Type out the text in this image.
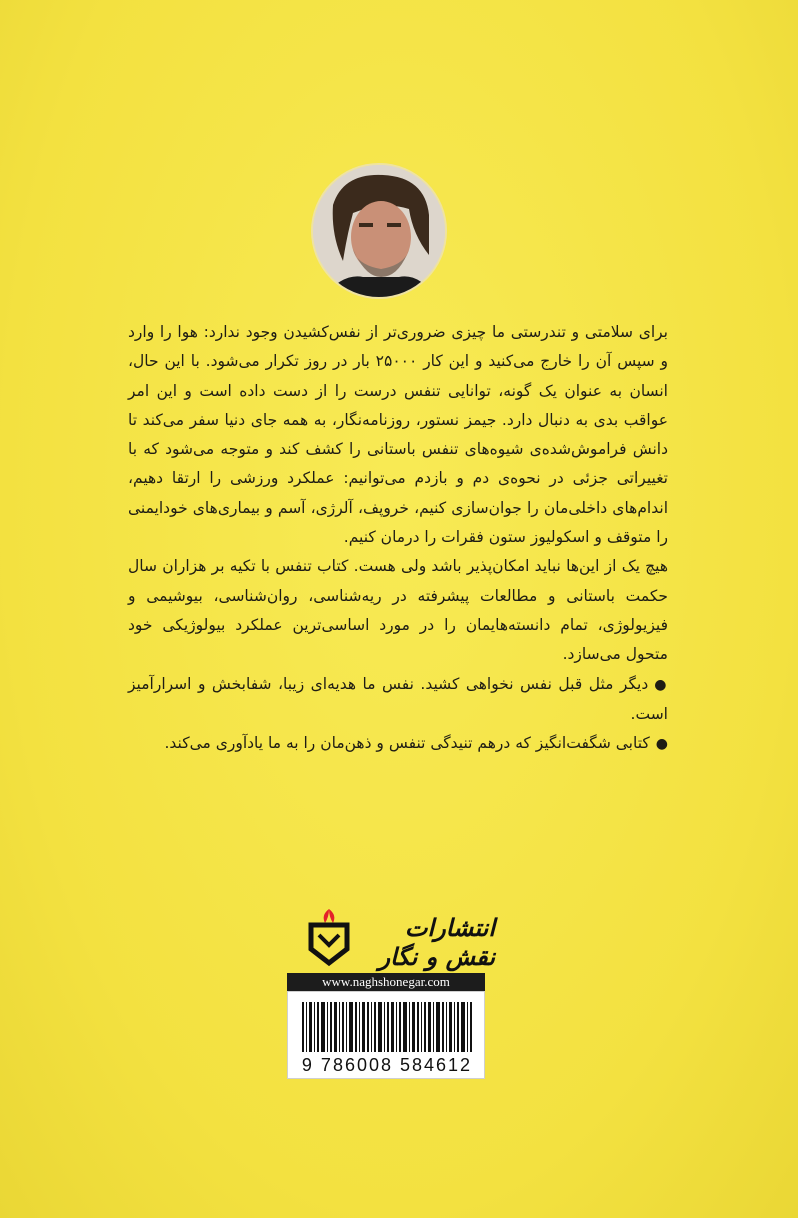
برای سلامتی و تندرستی ما چیزی ضروری‌تر از نفس‌کشیدن وجود ندارد: هوا را وارد و سپس آن را خارج می‌کنید و این کار ۲۵۰۰۰ بار در روز تکرار می‌شود. با این حال، انسان به عنوان یک گونه، توانایی تنفس درست را از دست داده است و این امر عواقب بدی به دنبال دارد. جیمز نستور، روزنامه‌نگار، به همه جای دنیا سفر می‌کند تا دانش فراموش‌شده‌ی شیوه‌های تنفس باستانی را کشف کند و متوجه می‌شود که با تغییراتی جزئی در نحوه‌ی دم و بازدم می‌توانیم: عملکرد ورزشی را ارتقا دهیم، اندام‌های داخلی‌مان را جوان‌سازی کنیم، خروپف، آلرژی، آسم و بیماری‌های خودایمنی را متوقف و اسکولیوز ستون فقرات را درمان کنیم.

هیچ یک از این‌ها نباید امکان‌پذیر باشد ولی هست. کتاب تنفس با تکیه بر هزاران سال حکمت باستانی و مطالعات پیشرفته در ریه‌شناسی، روان‌شناسی، بیوشیمی و فیزیولوژی، تمام دانسته‌هایمان را در مورد اساسی‌ترین عملکرد بیولوژیکی خود متحول می‌سازد.

●دیگر مثل قبل نفس نخواهی کشید. نفس ما هدیه‌ای زیبا، شفابخش و اسرارآمیز است.

●کتابی شگفت‌انگیز که درهم تنیدگی تنفس و ذهن‌مان را به ما یادآوری می‌کند.

انتشارات نقش و نگار
www.naghshonegar.com
9 786008 584612
